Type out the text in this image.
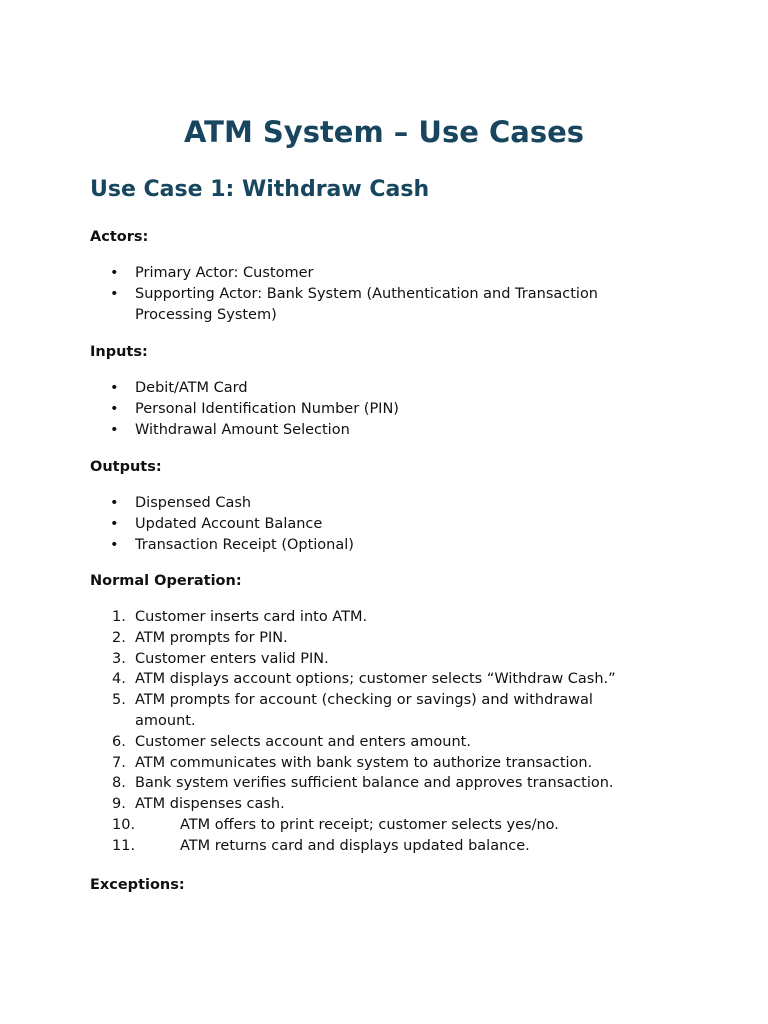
ATM System – Use Cases
Use Case 1: Withdraw Cash

Actors:

• Primary Actor: Customer
• Supporting Actor: Bank System (Authentication and Transaction Processing System)

Inputs:

• Debit/ATM Card
• Personal Identification Number (PIN)
• Withdrawal Amount Selection

Outputs:

• Dispensed Cash
• Updated Account Balance
• Transaction Receipt (Optional)

Normal Operation:

1. Customer inserts card into ATM.
2. ATM prompts for PIN.
3. Customer enters valid PIN.
4. ATM displays account options; customer selects “Withdraw Cash.”
5. ATM prompts for account (checking or savings) and withdrawal amount.
6. Customer selects account and enters amount.
7. ATM communicates with bank system to authorize transaction.
8. Bank system verifies sufficient balance and approves transaction.
9. ATM dispenses cash.
10.	ATM offers to print receipt; customer selects yes/no.
11.	ATM returns card and displays updated balance.

Exceptions:
